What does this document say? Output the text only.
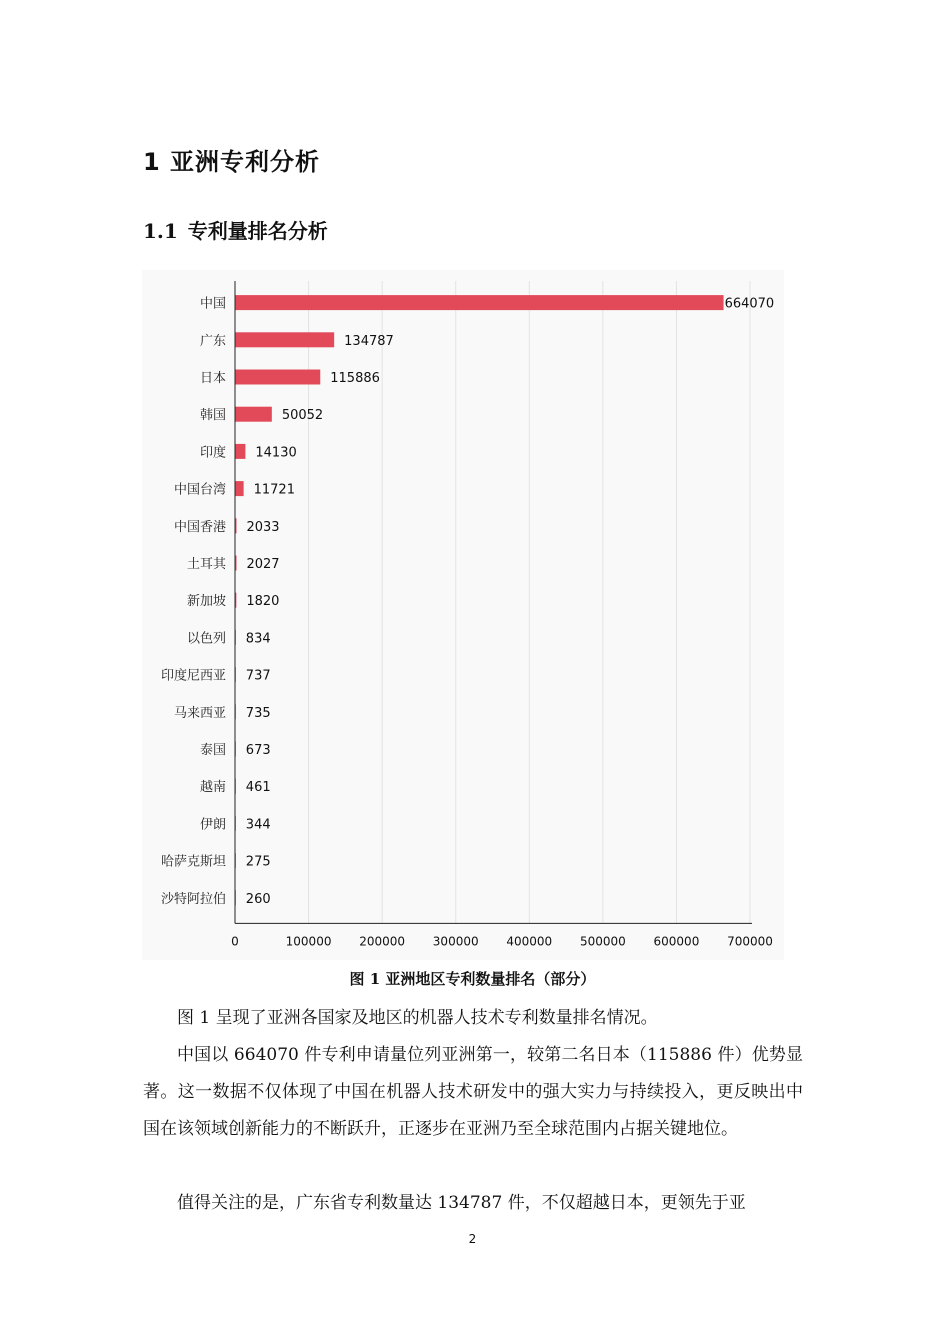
1 亚洲专利分析
1.1 专利量排名分析
中国
广东
日本
韩国
印度
中国台湾
中国香港
土耳其
新加坡
以色列
印度尼西亚
马来西亚
泰国
越南
伊朗
哈萨克斯坦
沙特阿拉伯
664070
134787
115886
50052
14130
11721
2033
2027
1820
834
737
735
673
461
344
275
260
0	100000 200000 300000 400000 500000 600000 700000
图 1 亚洲地区专利数量排名（部分）
图 1 呈现了亚洲各国家及地区的机器人技术专利数量排名情况。
中国以 664070 件专利申请量位列亚洲第一，较第二名日本（115886 件）优势显著。这一数据不仅体现了中国在机器人技术研发中的强大实力与持续投入，更反映出中国在该领域创新能力的不断跃升，正逐步在亚洲乃至全球范围内占据关键地位。
值得关注的是，广东省专利数量达 134787 件，不仅超越日本，更领先于亚
2
